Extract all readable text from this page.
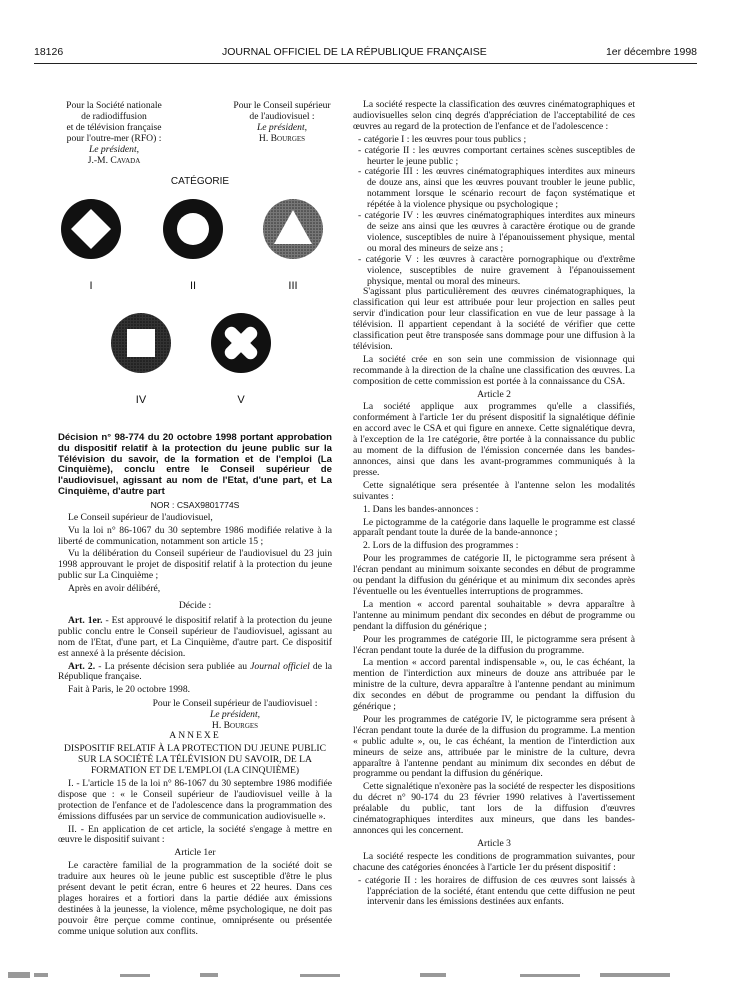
18126	JOURNAL OFFICIEL DE LA RÉPUBLIQUE FRANÇAISE	1er décembre 1998
Pour la Société nationale
de radiodiffusion
et de télévision française
pour l'outre-mer (RFO) :
Le président,
J.-M. Cavada
Pour le Conseil supérieur
de l'audiovisuel :
Le président,
H. Bourges
CATÉGORIE
I	II	III
IV	V

Décision n° 98-774 du 20 octobre 1998 portant approbation du dispositif relatif à la protection du jeune public sur la Télévision du savoir, de la formation et de l'emploi (La Cinquième), conclu entre le Conseil supérieur de l'audiovisuel, agissant au nom de l'Etat, d'une part, et La Cinquième, d'autre part

NOR : CSAX9801774S

Le Conseil supérieur de l'audiovisuel,

Vu la loi n° 86-1067 du 30 septembre 1986 modifiée relative à la liberté de communication, notamment son article 15 ;

Vu la délibération du Conseil supérieur de l'audiovisuel du 23 juin 1998 approuvant le projet de dispositif relatif à la protection du jeune public sur La Cinquième ;

Après en avoir délibéré,

Décide :

Art. 1er. - Est approuvé le dispositif relatif à la protection du jeune public conclu entre le Conseil supérieur de l'audiovisuel, agissant au nom de l'Etat, d'une part, et La Cinquième, d'autre part. Ce dispositif est annexé à la présente décision.

Art. 2. - La présente décision sera publiée au Journal officiel de la République française.

Fait à Paris, le 20 octobre 1998.

Pour le Conseil supérieur de l'audiovisuel :
Le président,
H. Bourges

ANNEXE

DISPOSITIF RELATIF À LA PROTECTION DU JEUNE PUBLIC SUR LA SOCIÉTÉ LA TÉLÉVISION DU SAVOIR, DE LA FORMATION ET DE L'EMPLOI (LA CINQUIÈME)

I. - L'article 15 de la loi n° 86-1067 du 30 septembre 1986 modifiée dispose que : « le Conseil supérieur de l'audiovisuel veille à la protection de l'enfance et de l'adolescence dans la programmation des émissions diffusées par un service de communication audiovisuelle ».

II. - En application de cet article, la société s'engage à mettre en œuvre le dispositif suivant :

Article 1er

Le caractère familial de la programmation de la société doit se traduire aux heures où le jeune public est susceptible d'être le plus présent devant le petit écran, entre 6 heures et 22 heures. Dans ces plages horaires et a fortiori dans la partie dédiée aux émissions destinées à la jeunesse, la violence, même psychologique, ne doit pas pouvoir être perçue comme continue, omniprésente ou présentée comme unique solution aux conflits.

La société respecte la classification des œuvres cinématographiques et audiovisuelles selon cinq degrés d'appréciation de l'acceptabilité de ces œuvres au regard de la protection de l'enfance et de l'adolescence :

- catégorie I : les œuvres pour tous publics ;

- catégorie II : les œuvres comportant certaines scènes susceptibles de heurter le jeune public ;

- catégorie III : les œuvres cinématographiques interdites aux mineurs de douze ans, ainsi que les œuvres pouvant troubler le jeune public, notamment lorsque le scénario recourt de façon systématique et répétée à la violence physique ou psychologique ;

- catégorie IV : les œuvres cinématographiques interdites aux mineurs de seize ans ainsi que les œuvres à caractère érotique ou de grande violence, susceptibles de nuire à l'épanouissement physique, mental ou moral des mineurs de seize ans ;

- catégorie V : les œuvres à caractère pornographique ou d'extrême violence, susceptibles de nuire gravement à l'épanouissement physique, mental ou moral des mineurs.

S'agissant plus particulièrement des œuvres cinématographiques, la classification qui leur est attribuée pour leur projection en salles peut servir d'indication pour leur classification en vue de leur passage à la télévision. Il appartient cependant à la société de vérifier que cette classification peut être transposée sans dommage pour une diffusion à la télévision.

La société crée en son sein une commission de visionnage qui recommande à la direction de la chaîne une classification des œuvres. La composition de cette commission est portée à la connaissance du CSA.

Article 2

La société applique aux programmes qu'elle a classifiés, conformément à l'article 1er du présent dispositif la signalétique définie en accord avec le CSA et qui figure en annexe. Cette signalétique devra, à l'exception de la 1re catégorie, être portée à la connaissance du public au moment de la diffusion de l'émission concernée dans les bandes-annonces, ainsi que dans les avant-programmes communiqués à la presse.

Cette signalétique sera présentée à l'antenne selon les modalités suivantes :

1. Dans les bandes-annonces :

Le pictogramme de la catégorie dans laquelle le programme est classé apparaît pendant toute la durée de la bande-annonce ;

2. Lors de la diffusion des programmes :

Pour les programmes de catégorie II, le pictogramme sera présent à l'écran pendant au minimum soixante secondes en début de programme ou pendant la diffusion du générique et au minimum dix secondes après l'éventuelle ou les éventuelles interruptions de programmes.

La mention « accord parental souhaitable » devra apparaître à l'antenne au minimum pendant dix secondes en début de programme ou pendant la diffusion du générique ;

Pour les programmes de catégorie III, le pictogramme sera présent à l'écran pendant toute la durée de la diffusion du programme.

La mention « accord parental indispensable », ou, le cas échéant, la mention de l'interdiction aux mineurs de douze ans attribuée par le ministre de la culture, devra apparaître à l'antenne pendant au minimum dix secondes en début de programme ou pendant la diffusion du générique ;

Pour les programmes de catégorie IV, le pictogramme sera présent à l'écran pendant toute la durée de la diffusion du programme. La mention « public adulte », ou, le cas échéant, la mention de l'interdiction aux mineurs de seize ans, attribuée par le ministre de la culture, devra apparaître à l'antenne pendant au minimum dix secondes en début de programme ou pendant la diffusion du générique.

Cette signalétique n'exonère pas la société de respecter les dispositions du décret n° 90-174 du 23 février 1990 relatives à l'avertissement préalable du public, tant lors de la diffusion d'œuvres cinématographiques interdites aux mineurs, que dans les bandes-annonces qui les concernent.

Article 3

La société respecte les conditions de programmation suivantes, pour chacune des catégories énoncées à l'article 1er du présent dispositif :

- catégorie II : les horaires de diffusion de ces œuvres sont laissés à l'appréciation de la société, étant entendu que cette diffusion ne peut intervenir dans les émissions destinées aux enfants.
